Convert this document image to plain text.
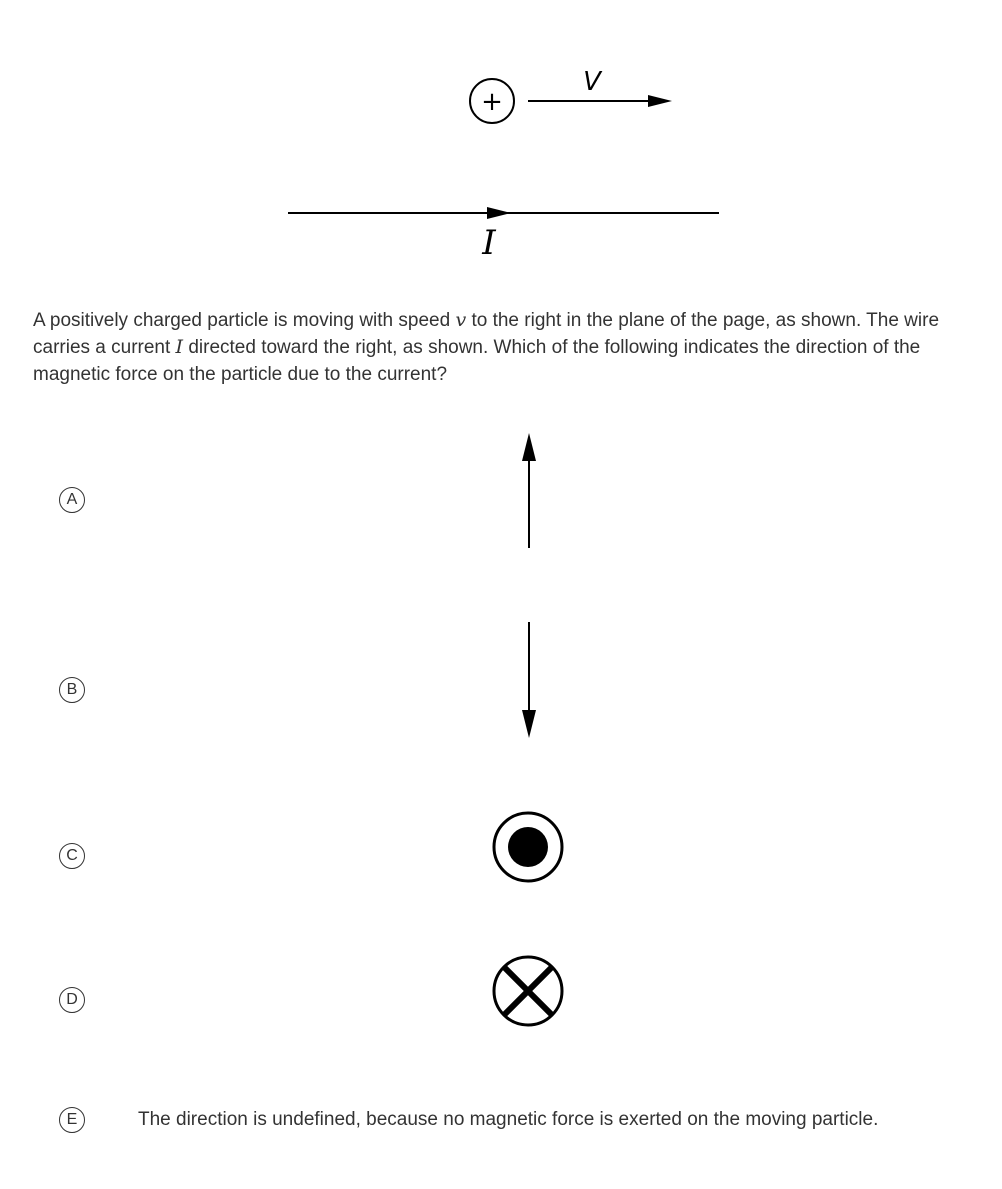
+
V
I
A positively charged particle is moving with speed v to the right in the plane of the page, as shown. The wire carries a current I directed toward the right, as shown. Which of the following indicates the direction of the magnetic force on the particle due to the current?
A
B
C
D
E	The direction is undefined, because no magnetic force is exerted on the moving particle.
